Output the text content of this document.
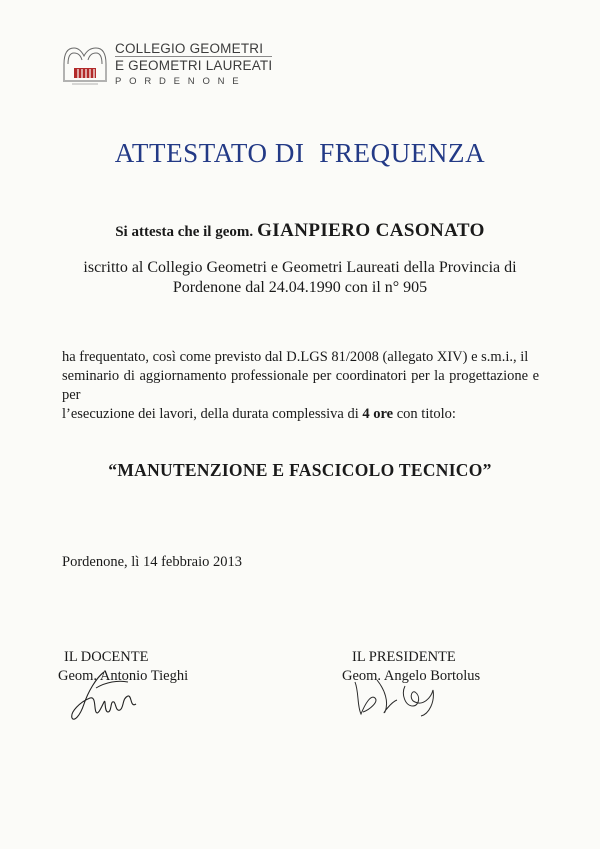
COLLEGIO GEOMETRI
E GEOMETRI LAUREATI
PORDENONE
ATTESTATO DI  FREQUENZA
Si attesta che il geom. GIANPIERO CASONATO
iscritto al Collegio Geometri e Geometri Laureati della Provincia di
Pordenone dal 24.04.1990 con il n° 905
ha frequentato, così come previsto dal D.LGS 81/2008 (allegato XIV) e s.m.i., il
seminario di aggiornamento professionale per coordinatori per la progettazione e per
l’esecuzione dei lavori, della durata complessiva di 4 ore con titolo:
“MANUTENZIONE E FASCICOLO TECNICO”
Pordenone, lì 14 febbraio 2013
IL DOCENTE
Geom. Antonio Tieghi
IL PRESIDENTE
Geom. Angelo Bortolus
